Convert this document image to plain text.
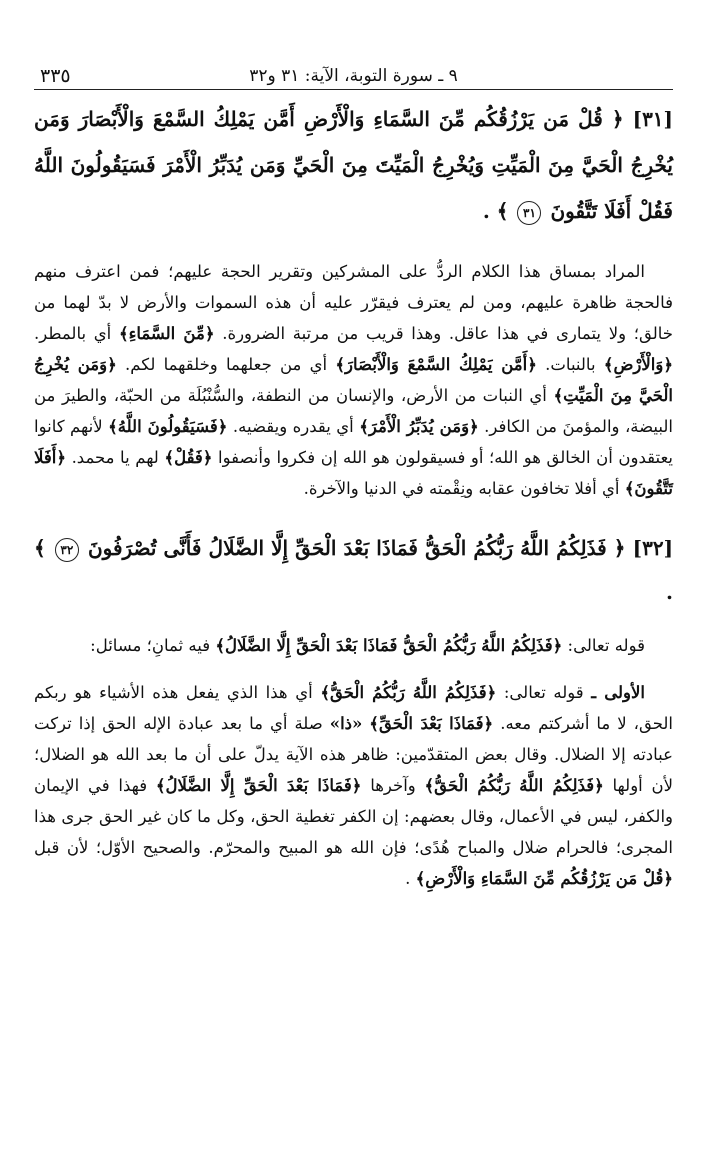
٣٣٥	٩ ـ سورة التوبة، الآية: ٣١ و٣٢
[٣١] ﴿ قُلْ مَن يَرْزُقُكُم مِّنَ السَّمَاءِ وَالْأَرْضِ أَمَّن يَمْلِكُ السَّمْعَ وَالْأَبْصَارَ وَمَن يُخْرِجُ الْحَيَّ مِنَ الْمَيِّتِ وَيُخْرِجُ الْمَيِّتَ مِنَ الْحَيِّ وَمَن يُدَبِّرُ الْأَمْرَ فَسَيَقُولُونَ اللَّهُ فَقُلْ أَفَلَا تَتَّقُونَ ٣١ ﴾ .

المراد بمساق هذا الكلام الردُّ على المشركين وتقرير الحجة عليهم؛ فمن اعترف منهم فالحجة ظاهرة عليهم، ومن لم يعترف فيقرّر عليه أن هذه السموات والأرض لا بدّ لهما من خالق؛ ولا يتمارى في هذا عاقل. وهذا قريب من مرتبة الضرورة. ﴿مِّنَ السَّمَاءِ﴾ أي بالمطر. ﴿وَالْأَرْضِ﴾ بالنبات. ﴿أَمَّن يَمْلِكُ السَّمْعَ وَالْأَبْصَارَ﴾ أي من جعلهما وخلقهما لكم. ﴿وَمَن يُخْرِجُ الْحَيَّ مِنَ الْمَيِّتِ﴾ أي النبات من الأرض، والإنسان من النطفة، والسُّنْبُلَة من الحبّة، والطيرَ من البيضة، والمؤمنَ من الكافر. ﴿وَمَن يُدَبِّرُ الْأَمْرَ﴾ أي يقدره ويقضيه. ﴿فَسَيَقُولُونَ اللَّهُ﴾ لأنهم كانوا يعتقدون أن الخالق هو الله؛ أو فسيقولون هو الله إن فكروا وأنصفوا ﴿فَقُلْ﴾ لهم يا محمد. ﴿أَفَلَا تَتَّقُونَ﴾ أي أفلا تخافون عقابه ونِقْمته في الدنيا والآخرة.

[٣٢] ﴿ فَذَلِكُمُ اللَّهُ رَبُّكُمُ الْحَقُّ فَمَاذَا بَعْدَ الْحَقِّ إِلَّا الضَّلَالُ فَأَنَّى تُصْرَفُونَ ٣٢ ﴾ .

قوله تعالى: ﴿فَذَلِكُمُ اللَّهُ رَبُّكُمُ الْحَقُّ فَمَاذَا بَعْدَ الْحَقِّ إِلَّا الضَّلَالُ﴾ فيه ثمانِ؛ مسائل:

الأولى ـ قوله تعالى: ﴿فَذَلِكُمُ اللَّهُ رَبُّكُمُ الْحَقُّ﴾ أي هذا الذي يفعل هذه الأشياء هو ربكم الحق، لا ما أشركتم معه. ﴿فَمَاذَا بَعْدَ الْحَقِّ﴾ «ذا» صلة أي ما بعد عبادة الإله الحق إذا تركت عبادته إلا الضلال. وقال بعض المتقدّمين: ظاهر هذه الآية يدلّ على أن ما بعد الله هو الضلال؛ لأن أولها ﴿فَذَلِكُمُ اللَّهُ رَبُّكُمُ الْحَقُّ﴾ وآخرها ﴿فَمَاذَا بَعْدَ الْحَقِّ إِلَّا الضَّلَالُ﴾ فهذا في الإيمان والكفر، ليس في الأعمال، وقال بعضهم: إن الكفر تغطية الحق، وكل ما كان غير الحق جرى هذا المجرى؛ فالحرام ضلال والمباح هُدًى؛ فإن الله هو المبيح والمحرّم. والصحيح الأوّل؛ لأن قبل ﴿قُلْ مَن يَرْزُقُكُم مِّنَ السَّمَاءِ وَالْأَرْضِ﴾ .
